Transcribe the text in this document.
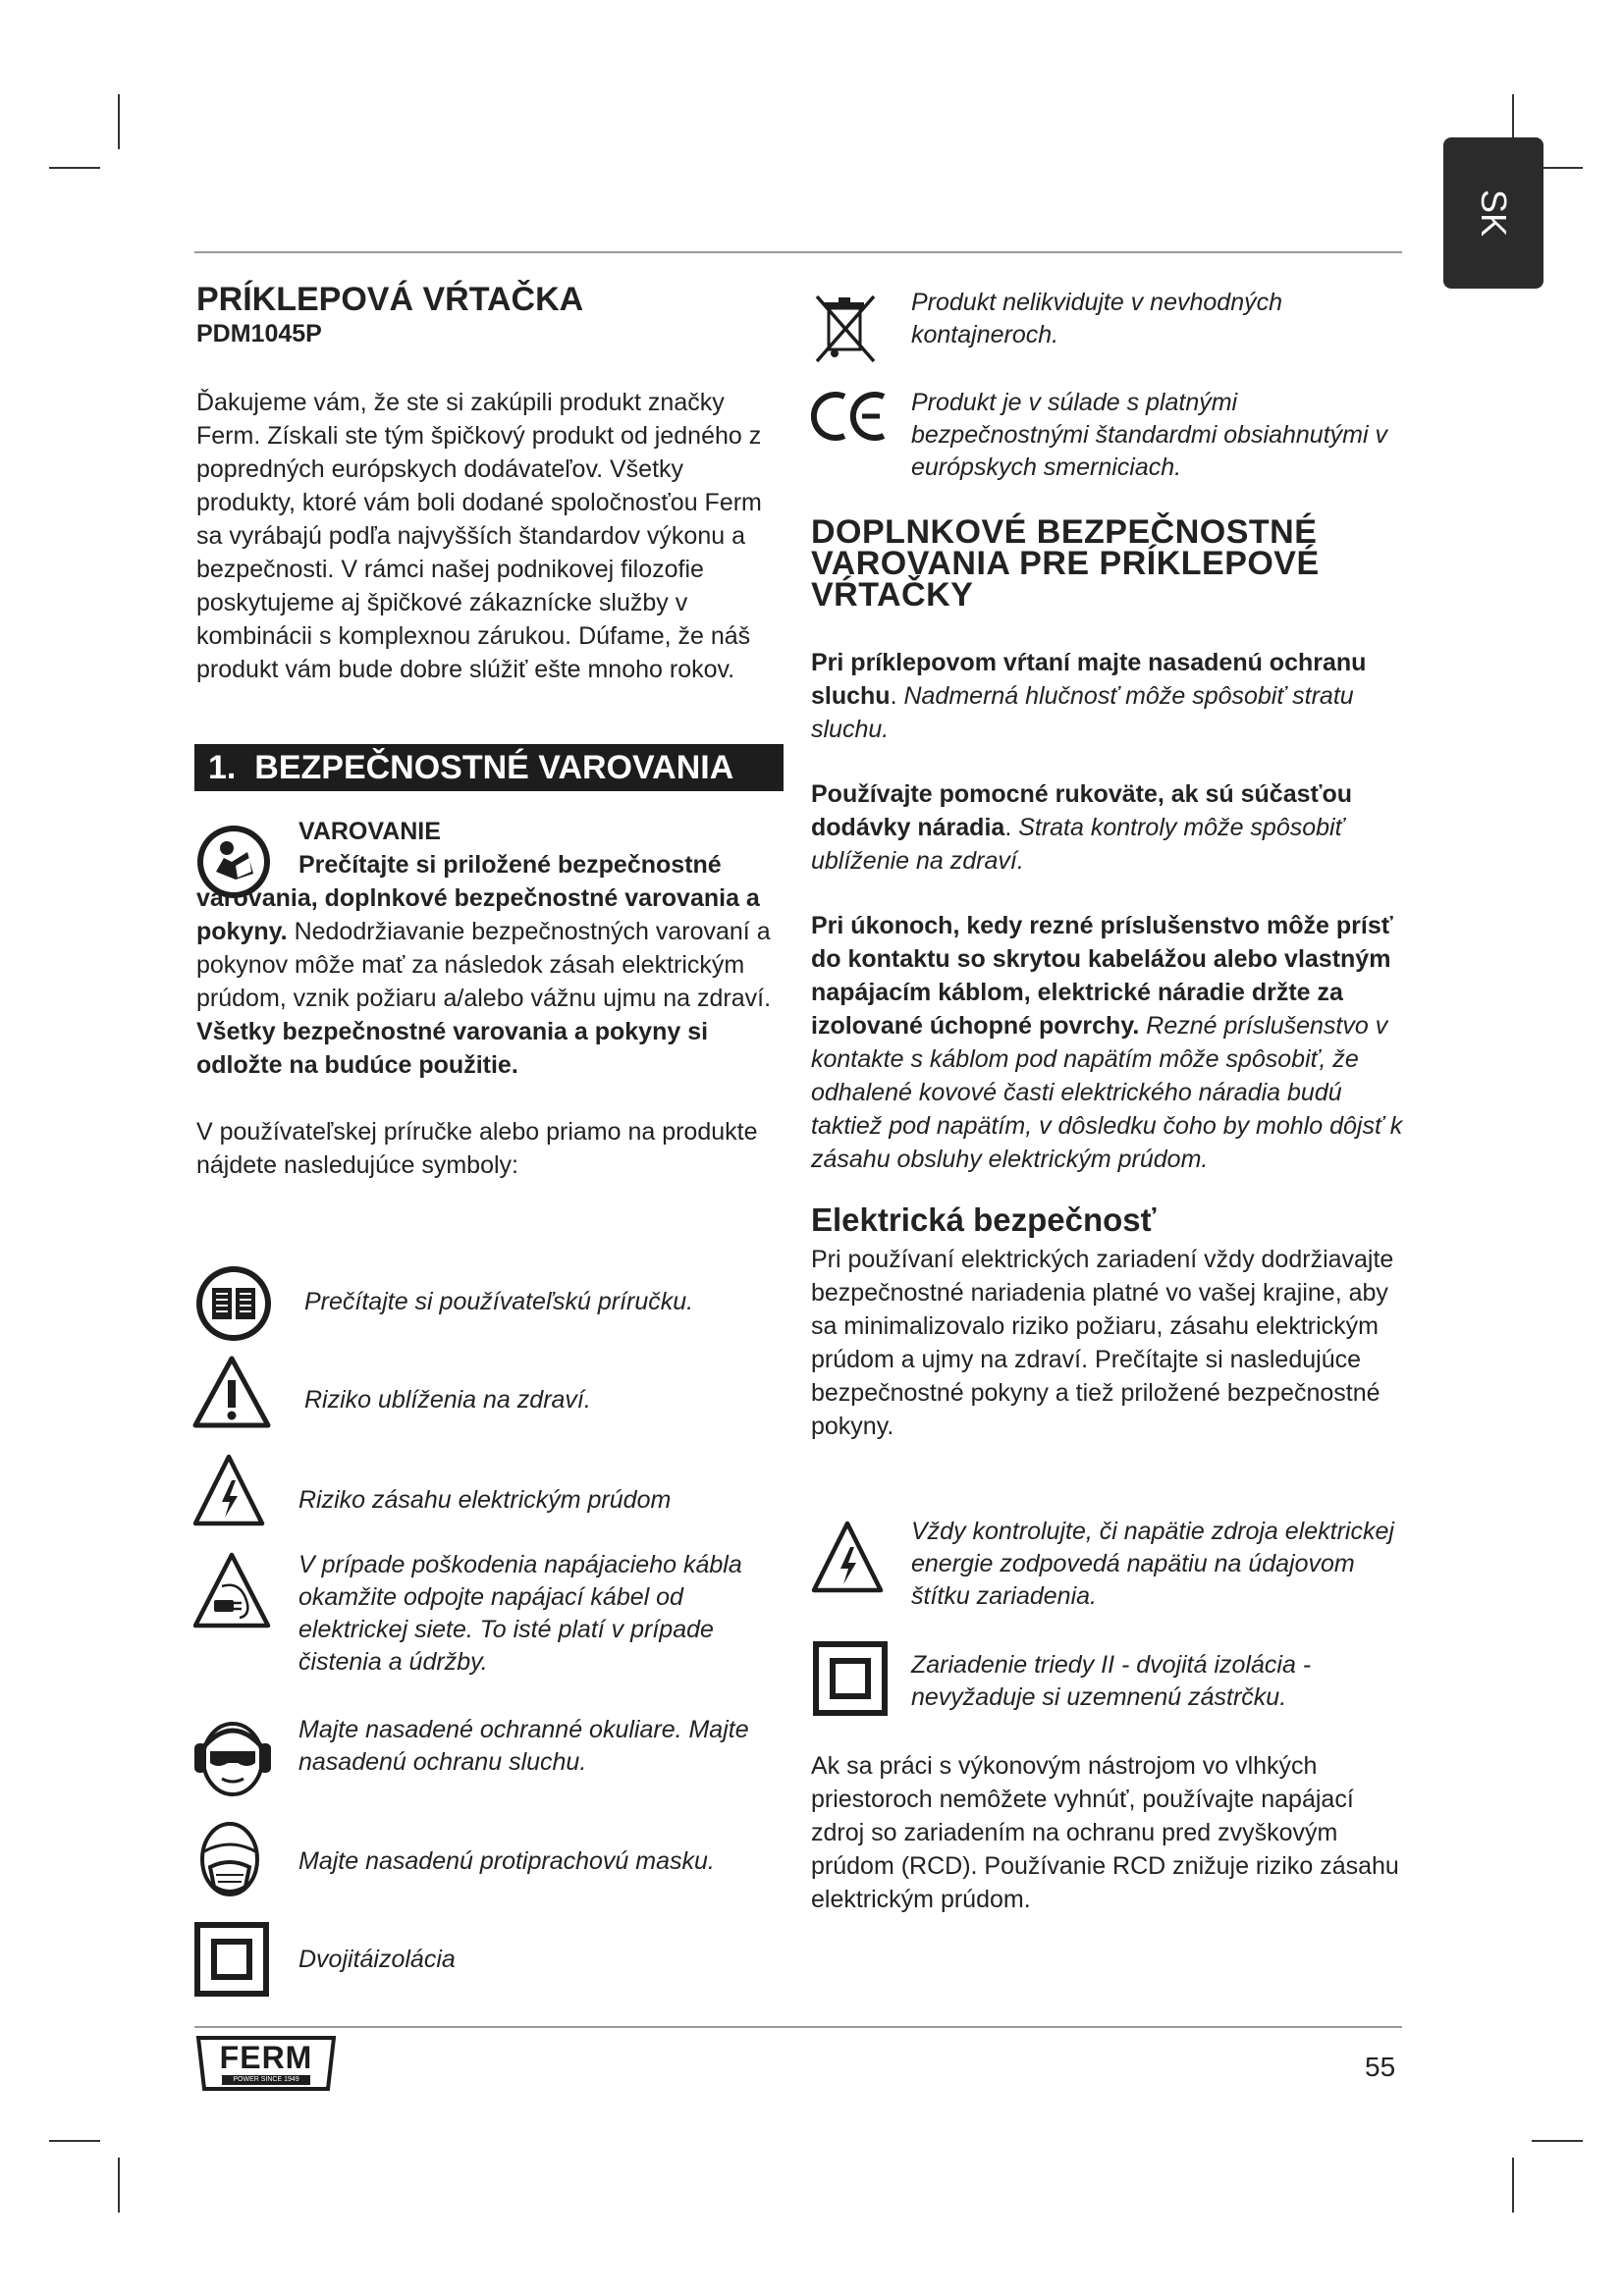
SK
PRÍKLEPOVÁ VŔTAČKA
PDM1045P

Ďakujeme vám, že ste si zakúpili produkt značky Ferm. Získali ste tým špičkový produkt od jedného z popredných európskych dodávateľov. Všetky produkty, ktoré vám boli dodané spoločnosťou Ferm sa vyrábajú podľa najvyšších štandardov výkonu a bezpečnosti. V rámci našej podnikovej filozofie poskytujeme aj špičkové zákaznícke služby v kombinácii s komplexnou zárukou. Dúfame, že náš produkt vám bude dobre slúžiť ešte mnoho rokov.

1. BEZPEČNOSTNÉ VAROVANIA
VAROVANIE

Prečítajte si priložené bezpečnostné varovania, doplnkové bezpečnostné varovania a pokyny. Nedodržiavanie bezpečnostných varovaní a pokynov môže mať za následok zásah elektrickým prúdom, vznik požiaru a/alebo vážnu ujmu na zdraví. Všetky bezpečnostné varovania a pokyny si odložte na budúce použitie.

V používateľskej príručke alebo priamo na produkte nájdete nasledujúce symboly:

Prečítajte si používateľskú príručku.
Riziko ublíženia na zdraví.
Riziko zásahu elektrickým prúdom
V prípade poškodenia napájacieho kábla okamžite odpojte napájací kábel od elektrickej siete. To isté platí v prípade čistenia a údržby.
Majte nasadené ochranné okuliare. Majte nasadenú ochranu sluchu.
Majte nasadenú protiprachovú masku.
Dvojitáizolácia
Produkt nelikvidujte v nevhodných kontajneroch.
Produkt je v súlade s platnými bezpečnostnými štandardmi obsiahnutými v európskych smerniciach.
DOPLNKOVÉ BEZPEČNOSTNÉ VAROVANIA PRE PRÍKLEPOVÉ VŔTAČKY

Pri príklepovom vŕtaní majte nasadenú ochranu sluchu. Nadmerná hlučnosť môže spôsobiť stratu sluchu.

Používajte pomocné rukoväte, ak sú súčasťou dodávky náradia. Strata kontroly môže spôsobiť ublíženie na zdraví.

Pri úkonoch, kedy rezné príslušenstvo môže prísť do kontaktu so skrytou kabelážou alebo vlastným napájacím káblom, elektrické náradie držte za izolované úchopné povrchy. Rezné príslušenstvo v kontakte s káblom pod napätím môže spôsobiť, že odhalené kovové časti elektrického náradia budú taktiež pod napätím, v dôsledku čoho by mohlo dôjsť k zásahu obsluhy elektrickým prúdom.

Elektrická bezpečnosť

Pri používaní elektrických zariadení vždy dodržiavajte bezpečnostné nariadenia platné vo vašej krajine, aby sa minimalizovalo riziko požiaru, zásahu elektrickým prúdom a ujmy na zdraví. Prečítajte si nasledujúce bezpečnostné pokyny a tiež priložené bezpečnostné pokyny.

Vždy kontrolujte, či napätie zdroja elektrickej energie zodpovedá napätiu na údajovom štítku zariadenia.
Zariadenie triedy II - dvojitá izolácia - nevyžaduje si uzemnenú zástrčku.

Ak sa práci s výkonovým nástrojom vo vlhkých priestoroch nemôžete vyhnúť, používajte napájací zdroj so zariadením na ochranu pred zvyškovým prúdom (RCD). Používanie RCD znižuje riziko zásahu elektrickým prúdom.

FERM
POWER SINCE 1949	55
